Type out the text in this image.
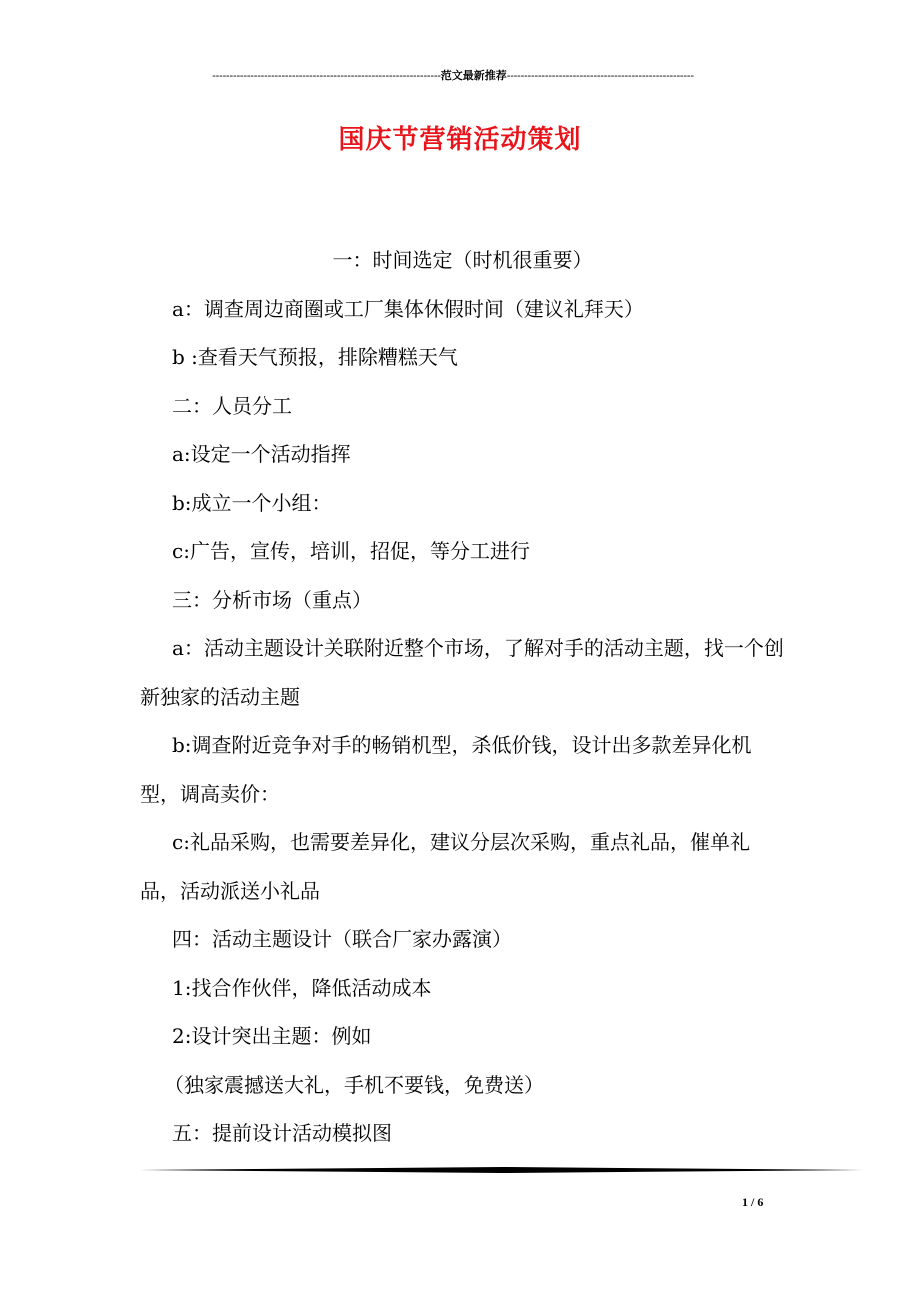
------------------------------------------------------------------范文最新推荐------------------------------------------------------
国庆节营销活动策划

一：时间选定（时机很重要）

a：调查周边商圈或工厂集体休假时间（建议礼拜天）

b :查看天气预报，排除糟糕天气

二：人员分工

a:设定一个活动指挥

b:成立一个小组：

c:广告，宣传，培训，招促，等分工进行

三：分析市场（重点）

a：活动主题设计关联附近整个市场，了解对手的活动主题，找一个创新独家的活动主题

b:调查附近竞争对手的畅销机型，杀低价钱，设计出多款差异化机型，调高卖价：

c:礼品采购，也需要差异化，建议分层次采购，重点礼品，催单礼品，活动派送小礼品

四：活动主题设计（联合厂家办露演）

1:找合作伙伴，降低活动成本

2:设计突出主题：例如

（独家震撼送大礼，手机不要钱，免费送）

五：提前设计活动模拟图

1 / 6
